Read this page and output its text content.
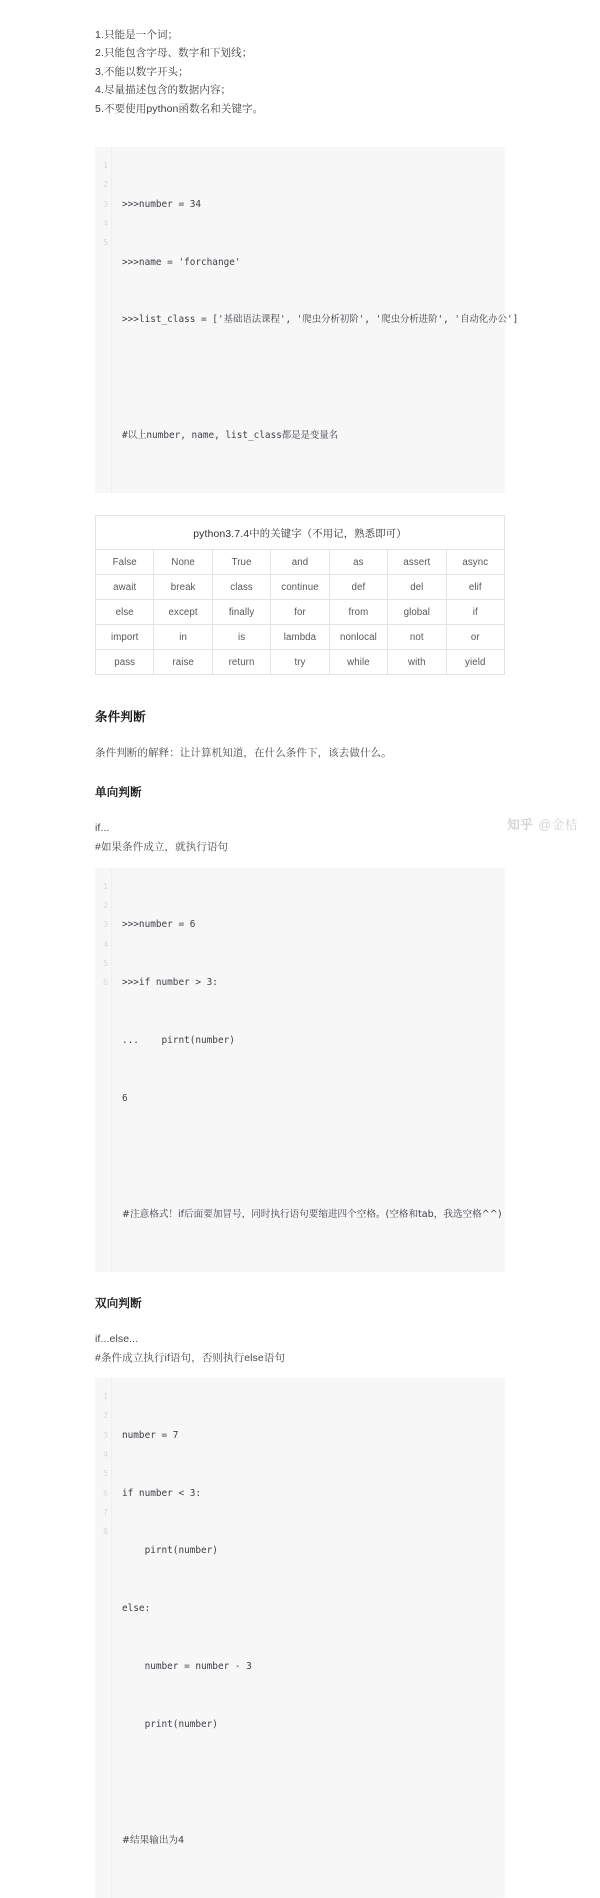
1.只能是一个词；
2.只能包含字母、数字和下划线；
3.不能以数字开头；
4.尽量描述包含的数据内容；
5.不要使用python函数名和关键字。
1
2
3
4
5

>>>number = 34

>>>name = 'forchange'

>>>list_class = ['基础语法课程', '爬虫分析初阶', '爬虫分析进阶', '自动化办公']

#以上number, name, list_class都是是变量名

python3.7.4中的关键字（不用记，熟悉即可）						
False	None	True	and	as	assert	async
await	break	class	continue	def	del	elif
else	except	finally	for	from	global	if
import	in	is	lambda	nonlocal	not	or
pass	raise	return	try	while	with	yield
条件判断

条件判断的解释：让计算机知道，在什么条件下，该去做什么。

单向判断

if...

#如果条件成立，就执行语句

1
2
3
4
5
6

>>>number = 6

>>>if number > 3:

...    pirnt(number)

6

#注意格式！if后面要加冒号，同时执行语句要缩进四个空格。(空格和tab，我选空格^^)

双向判断

if...else...

#条件成立执行if语句，否则执行else语句

1
2
3
4
5
6
7
8

number = 7

if number < 3:

pirnt(number)

else:

number = number - 3

print(number)

#结果输出为4

知乎 @金桔
